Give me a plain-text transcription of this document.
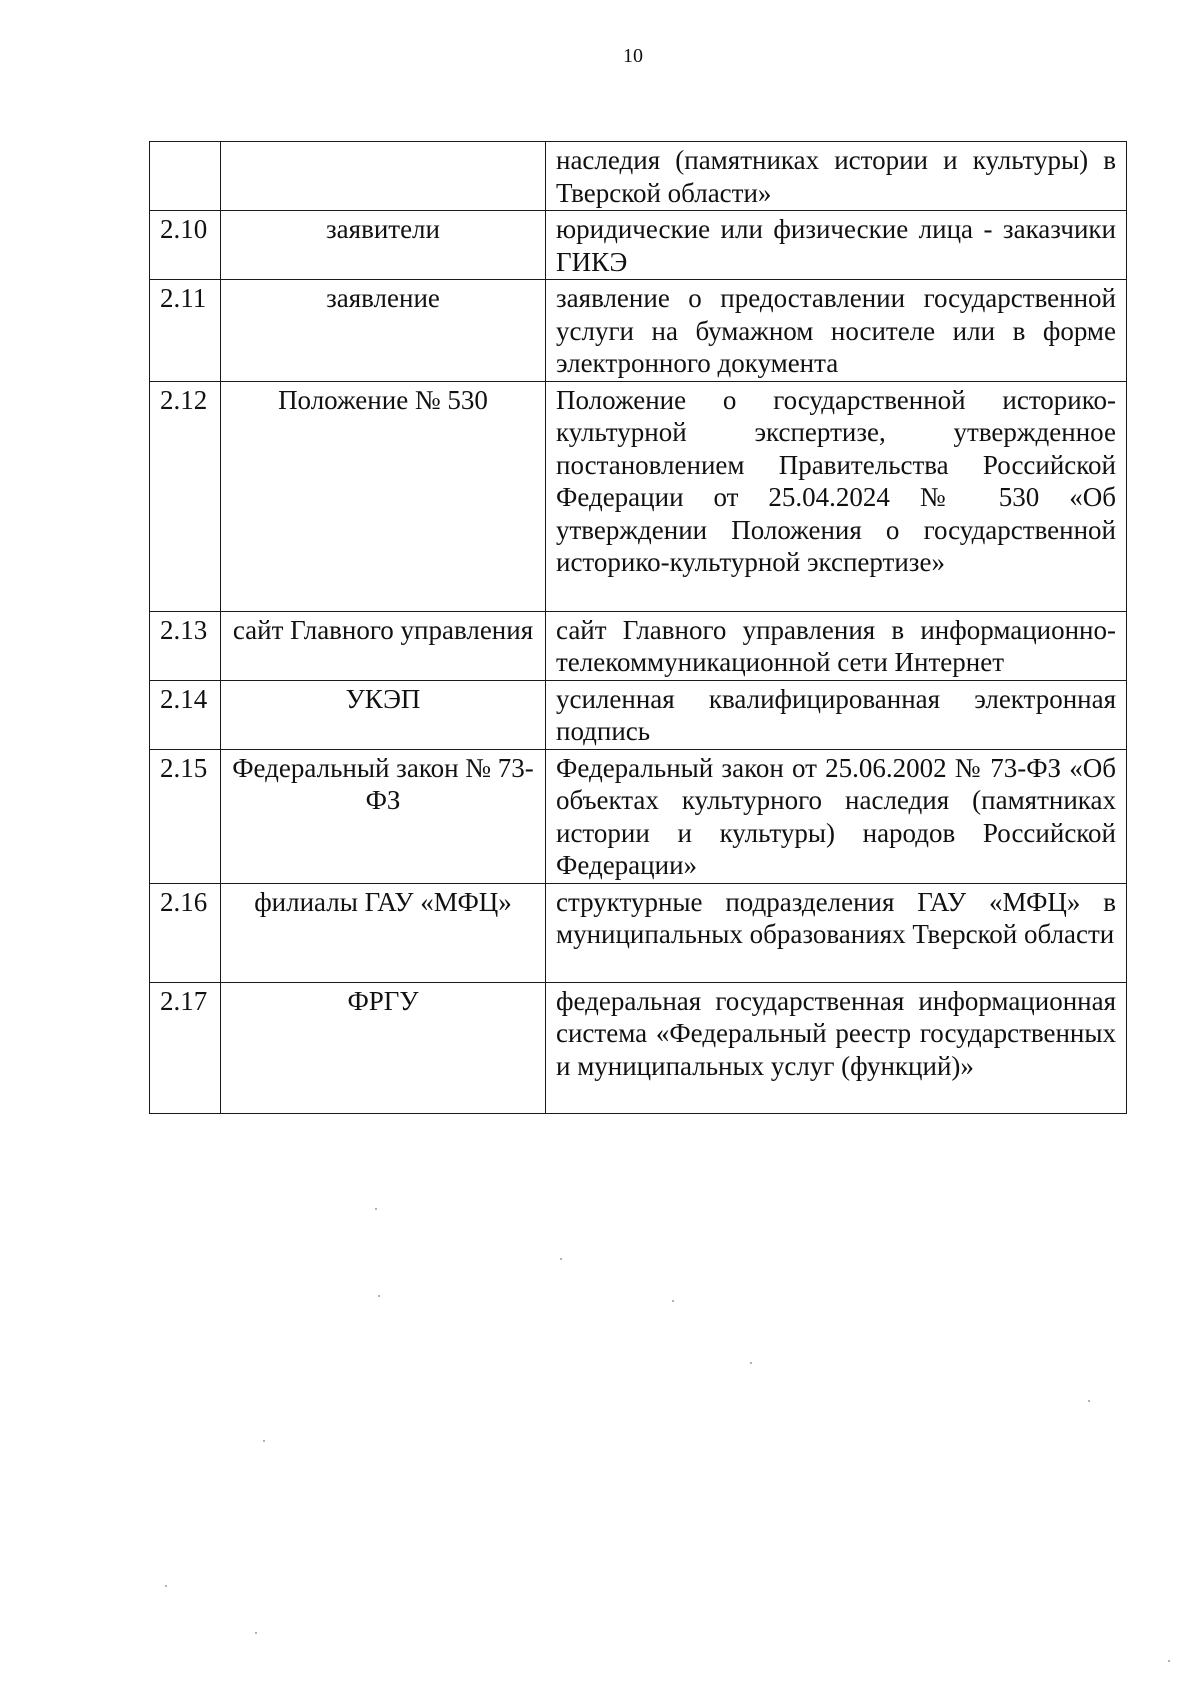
10
		наследия (памятниках истории и культуры) в Тверской области»
2.10	заявители	юридические или физические лица - заказчики ГИКЭ
2.11	заявление	заявление о предоставлении государственной услуги на бумажном носителе или в форме электронного документа
2.12	Положение № 530	Положение о государственной историко-культурной экспертизе, утвержденное постановлением Правительства Российской Федерации от 25.04.2024 № 530 «Об утверждении Положения о государственной историко-культурной экспертизе»
2.13	сайт Главного управления	сайт Главного управления в информационно-телекоммуникационной сети Интернет
2.14	УКЭП	усиленная квалифицированная электронная подпись
2.15	Федеральный закон № 73-ФЗ	Федеральный закон от 25.06.2002 № 73-ФЗ «Об объектах культурного наследия (памятниках истории и культуры) народов Российской Федерации»
2.16	филиалы ГАУ «МФЦ»	структурные подразделения ГАУ «МФЦ» в муниципальных образованиях Тверской области
2.17	ФРГУ	федеральная государственная информационная система «Федеральный реестр государственных и муниципальных услуг (функций)»
